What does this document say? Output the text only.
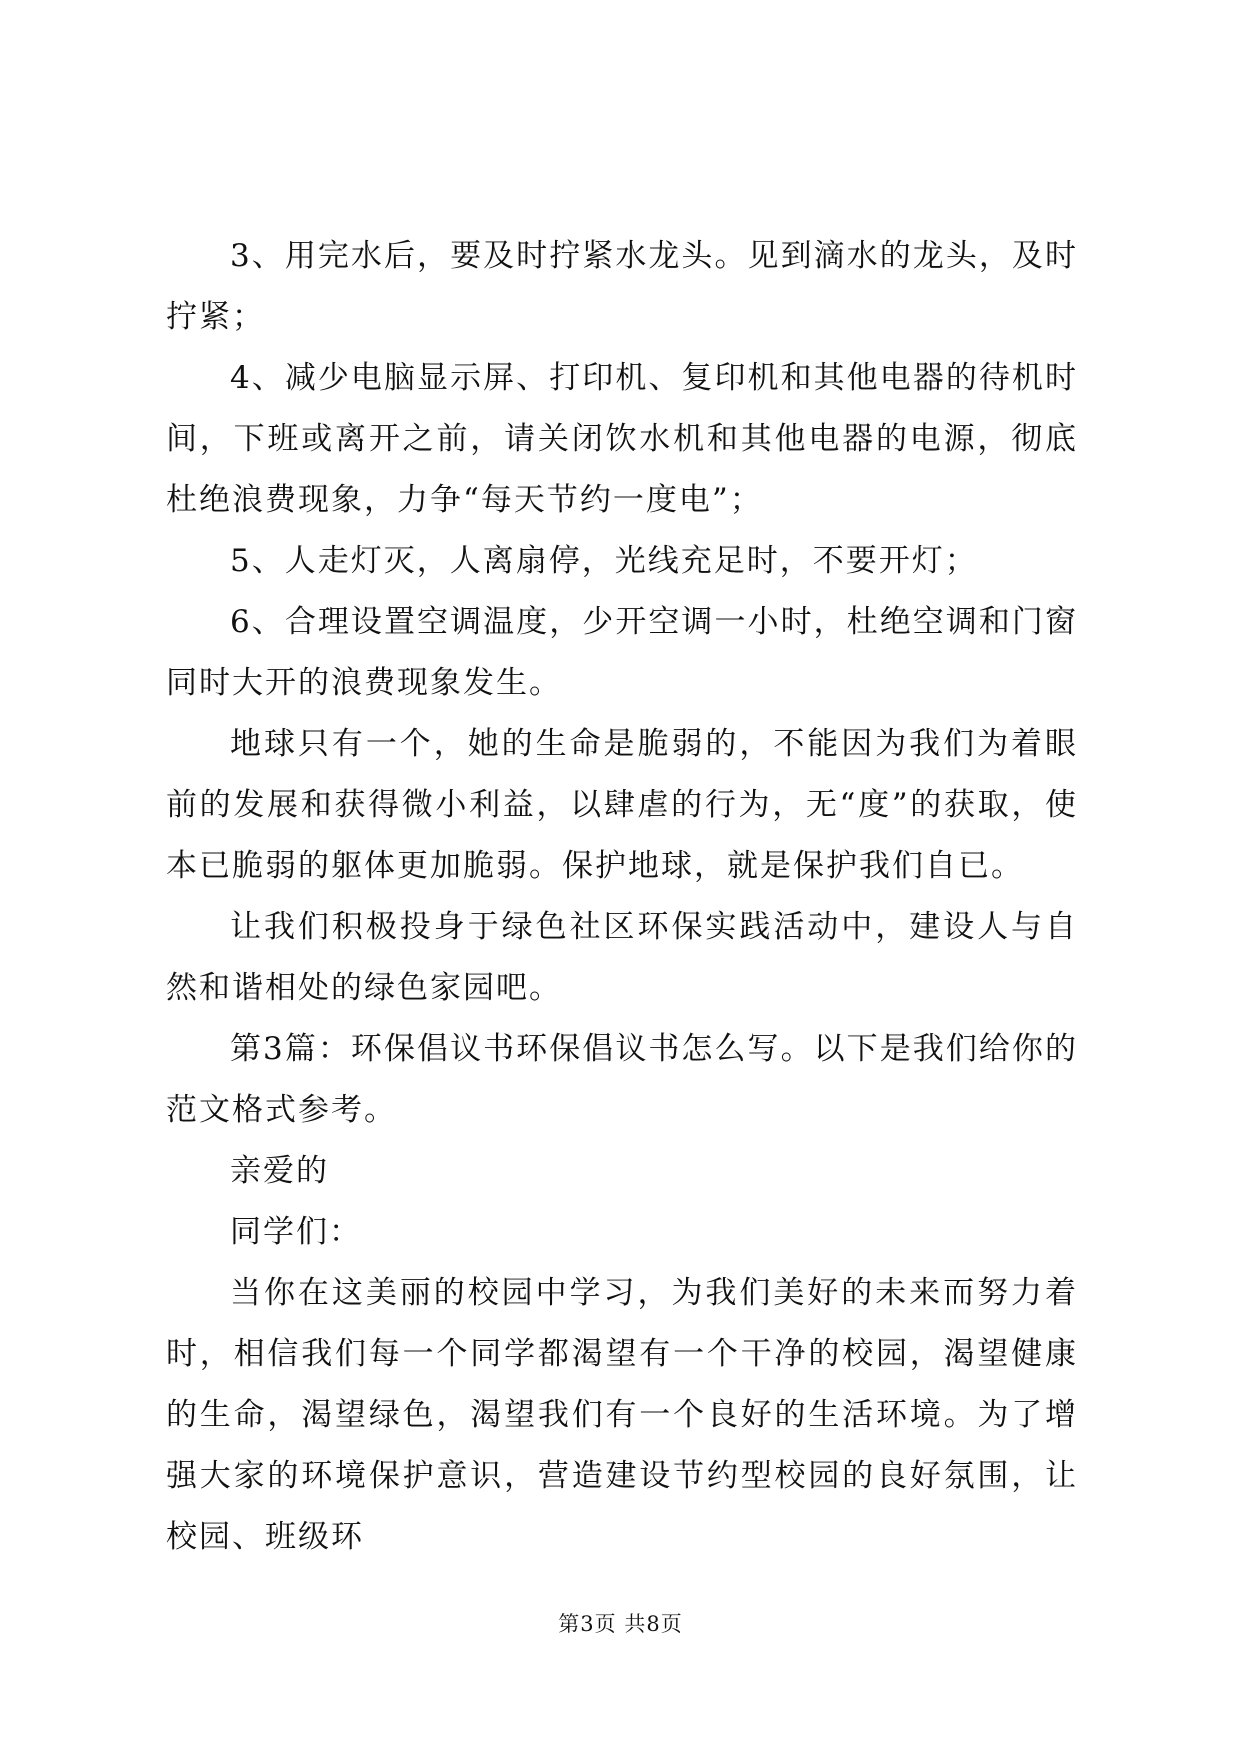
3、用完水后，要及时拧紧水龙头。见到滴水的龙头，及时拧紧；

4、减少电脑显示屏、打印机、复印机和其他电器的待机时间，下班或离开之前，请关闭饮水机和其他电器的电源，彻底杜绝浪费现象，力争“每天节约一度电”；

5、人走灯灭，人离扇停，光线充足时，不要开灯；

6、合理设置空调温度，少开空调一小时，杜绝空调和门窗同时大开的浪费现象发生。

地球只有一个，她的生命是脆弱的，不能因为我们为着眼前的发展和获得微小利益，以肆虐的行为，无“度”的获取，使本已脆弱的躯体更加脆弱。保护地球，就是保护我们自已。

让我们积极投身于绿色社区环保实践活动中，建设人与自然和谐相处的绿色家园吧。

第3篇：环保倡议书环保倡议书怎么写。以下是我们给你的范文格式参考。

亲爱的

同学们：

当你在这美丽的校园中学习，为我们美好的未来而努力着时，相信我们每一个同学都渴望有一个干净的校园，渴望健康的生命，渴望绿色，渴望我们有一个良好的生活环境。为了增强大家的环境保护意识，营造建设节约型校园的良好氛围，让校园、班级环

第3页 共8页
